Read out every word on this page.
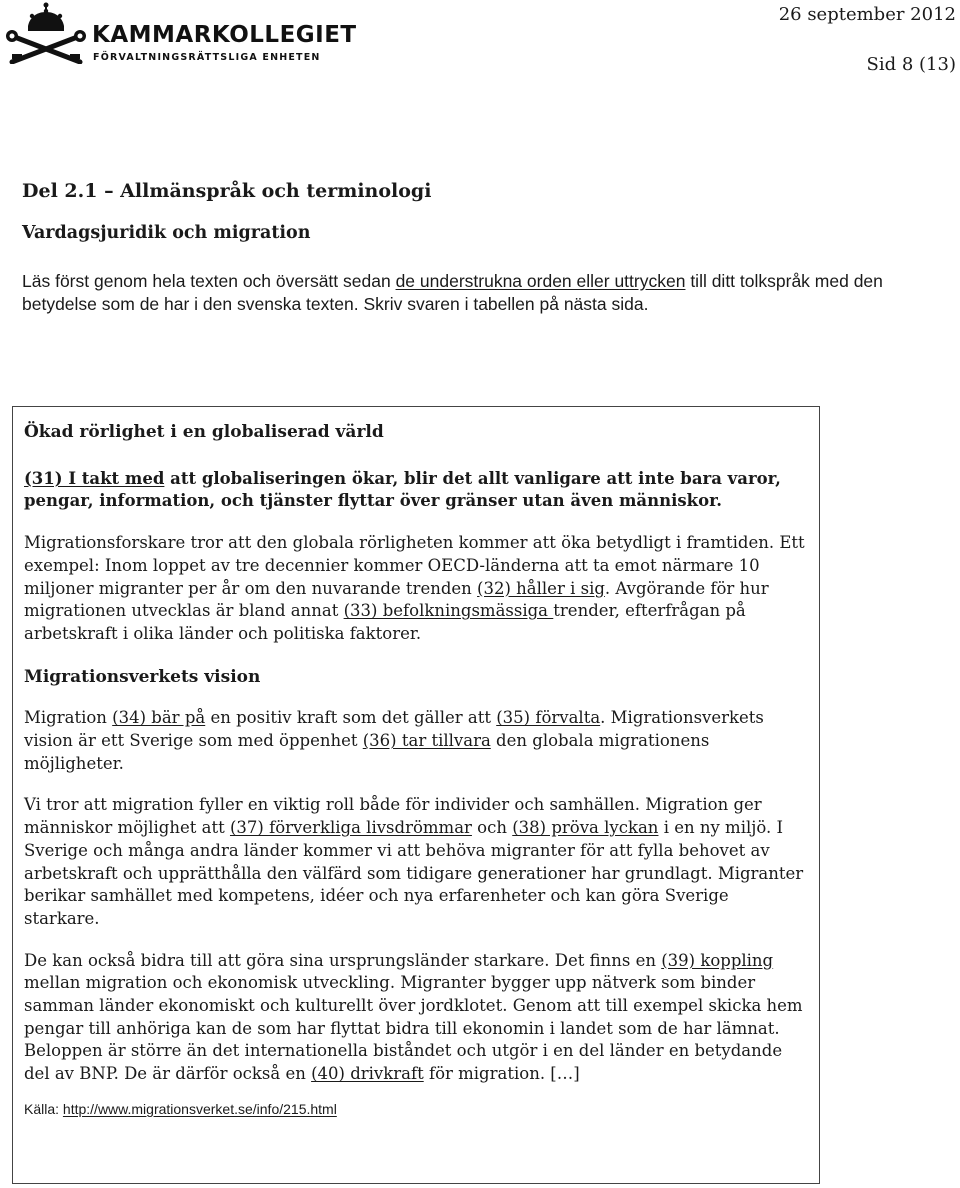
KAMMARKOLLEGIET

FÖRVALTNINGSRÄTTSLIGA ENHETEN

26 september 2012
Sid 8 (13)
Del 2.1 – Allmänspråk och terminologi
Vardagsjuridik och migration

Läs först genom hela texten och översätt sedan de understrukna orden eller uttrycken till ditt tolkspråk med den betydelse som de har i den svenska texten. Skriv svaren i tabellen på nästa sida.

Ökad rörlighet i en globaliserad värld

(31) I takt med att globaliseringen ökar, blir det allt vanligare att inte bara varor, pengar, information, och tjänster flyttar över gränser utan även människor.

Migrationsforskare tror att den globala rörligheten kommer att öka betydligt i framtiden. Ett exempel: Inom loppet av tre decennier kommer OECD-länderna att ta emot närmare 10 miljoner migranter per år om den nuvarande trenden (32) håller i sig. Avgörande för hur migrationen utvecklas är bland annat (33) befolkningsmässiga trender, efterfrågan på arbetskraft i olika länder och politiska faktorer.

Migrationsverkets vision

Migration (34) bär på en positiv kraft som det gäller att (35) förvalta. Migrationsverkets vision är ett Sverige som med öppenhet (36) tar tillvara den globala migrationens möjligheter.

Vi tror att migration fyller en viktig roll både för individer och samhällen. Migration ger människor möjlighet att (37) förverkliga livsdrömmar och (38) pröva lyckan i en ny miljö. I Sverige och många andra länder kommer vi att behöva migranter för att fylla behovet av arbetskraft och upprätthålla den välfärd som tidigare generationer har grundlagt. Migranter berikar samhället med kompetens, idéer och nya erfarenheter och kan göra Sverige starkare.

De kan också bidra till att göra sina ursprungsländer starkare. Det finns en (39) koppling mellan migration och ekonomisk utveckling. Migranter bygger upp nätverk som binder samman länder ekonomiskt och kulturellt över jordklotet. Genom att till exempel skicka hem pengar till anhöriga kan de som har flyttat bidra till ekonomin i landet som de har lämnat. Beloppen är större än det internationella biståndet och utgör i en del länder en betydande del av BNP. De är därför också en (40) drivkraft för migration. […]

Källa: http://www.migrationsverket.se/info/215.html
